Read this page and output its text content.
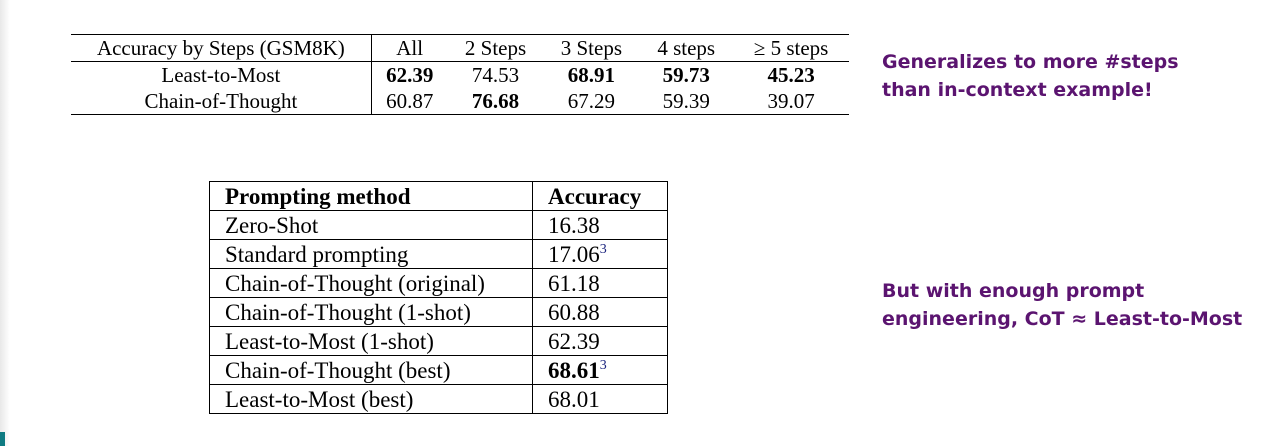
Accuracy by Steps (GSM8K)	All	2 Steps	3 Steps	4 steps	≥ 5 steps
Least-to-Most	62.39	74.53	68.91	59.73	45.23
Chain-of-Thought	60.87	76.68	67.29	59.39	39.07
Prompting method	Accuracy
Zero-Shot	16.38
Standard prompting	17.06$^3$
Chain-of-Thought (original)	61.18
Chain-of-Thought (1-shot)	60.88
Least-to-Most (1-shot)	62.39
Chain-of-Thought (best)	68.61$^3$
Least-to-Most (best)	68.01
Generalizes to more #steps
than in-context example!
But with enough prompt
engineering, CoT ≈ Least-to-Most
